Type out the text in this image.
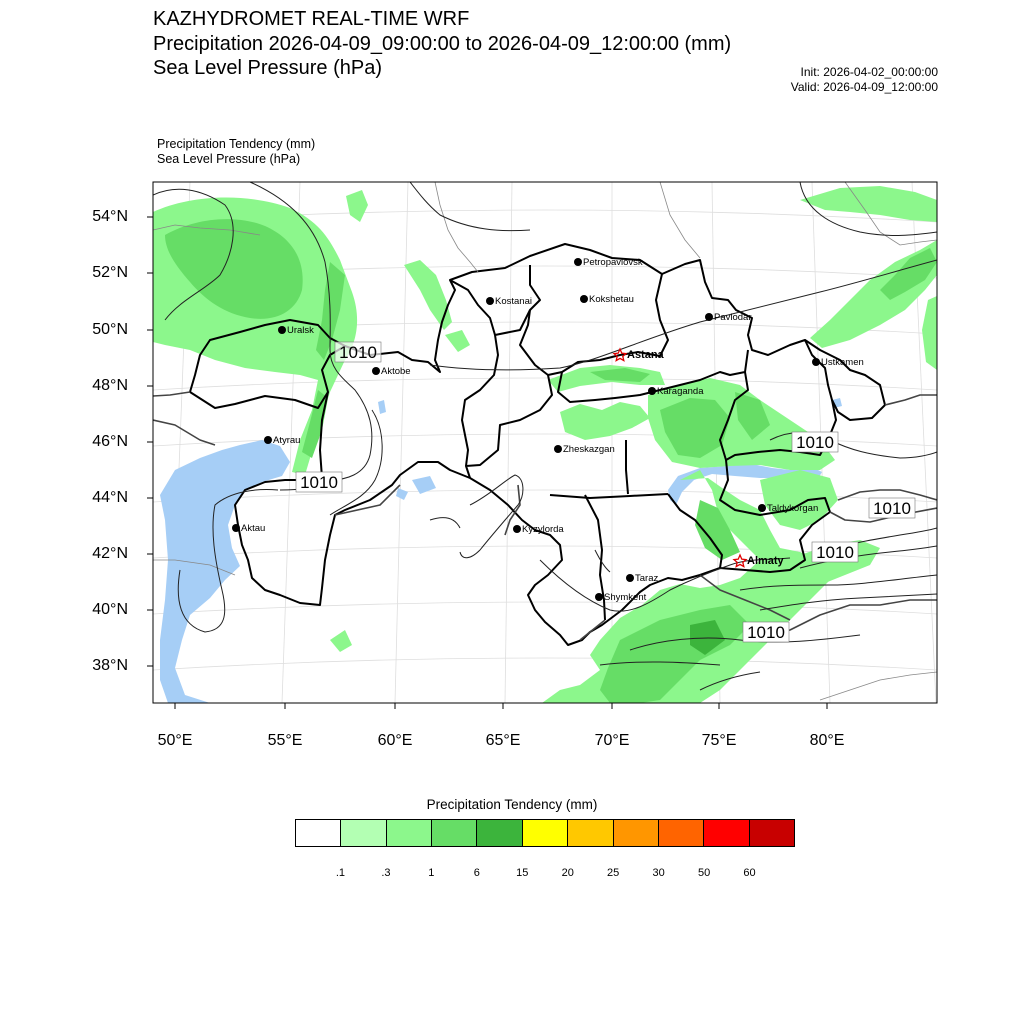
KAZHYDROMET REAL-TIME WRF
Precipitation 2026-04-09_09:00:00 to 2026-04-09_12:00:00 (mm)
Sea Level Pressure (hPa)	Init: 2026-04-02_00:00:00
Valid: 2026-04-09_12:00:00
Precipitation Tendency (mm)
Sea Level Pressure (hPa)
54°N
52°N
50°N
48°N
46°N
44°N
42°N
40°N
38°N
50°E	55°E	60°E	65°E	70°E	75°E	80°E
1010
1010
1010
1010
1010
1010
Petropavlovsk
Kostanai	Kokshetau
Pavlodar
Uralsk
Aktobe
Astana
Ustkamen
Karaganda
Atyrau
Zheskazgan
Aktau
Taldykorgan
Kyzylorda
Almaty
Taraz
Shymkent
Precipitation Tendency (mm)
.1	.3	1	6	15	20	25	30	50	60
